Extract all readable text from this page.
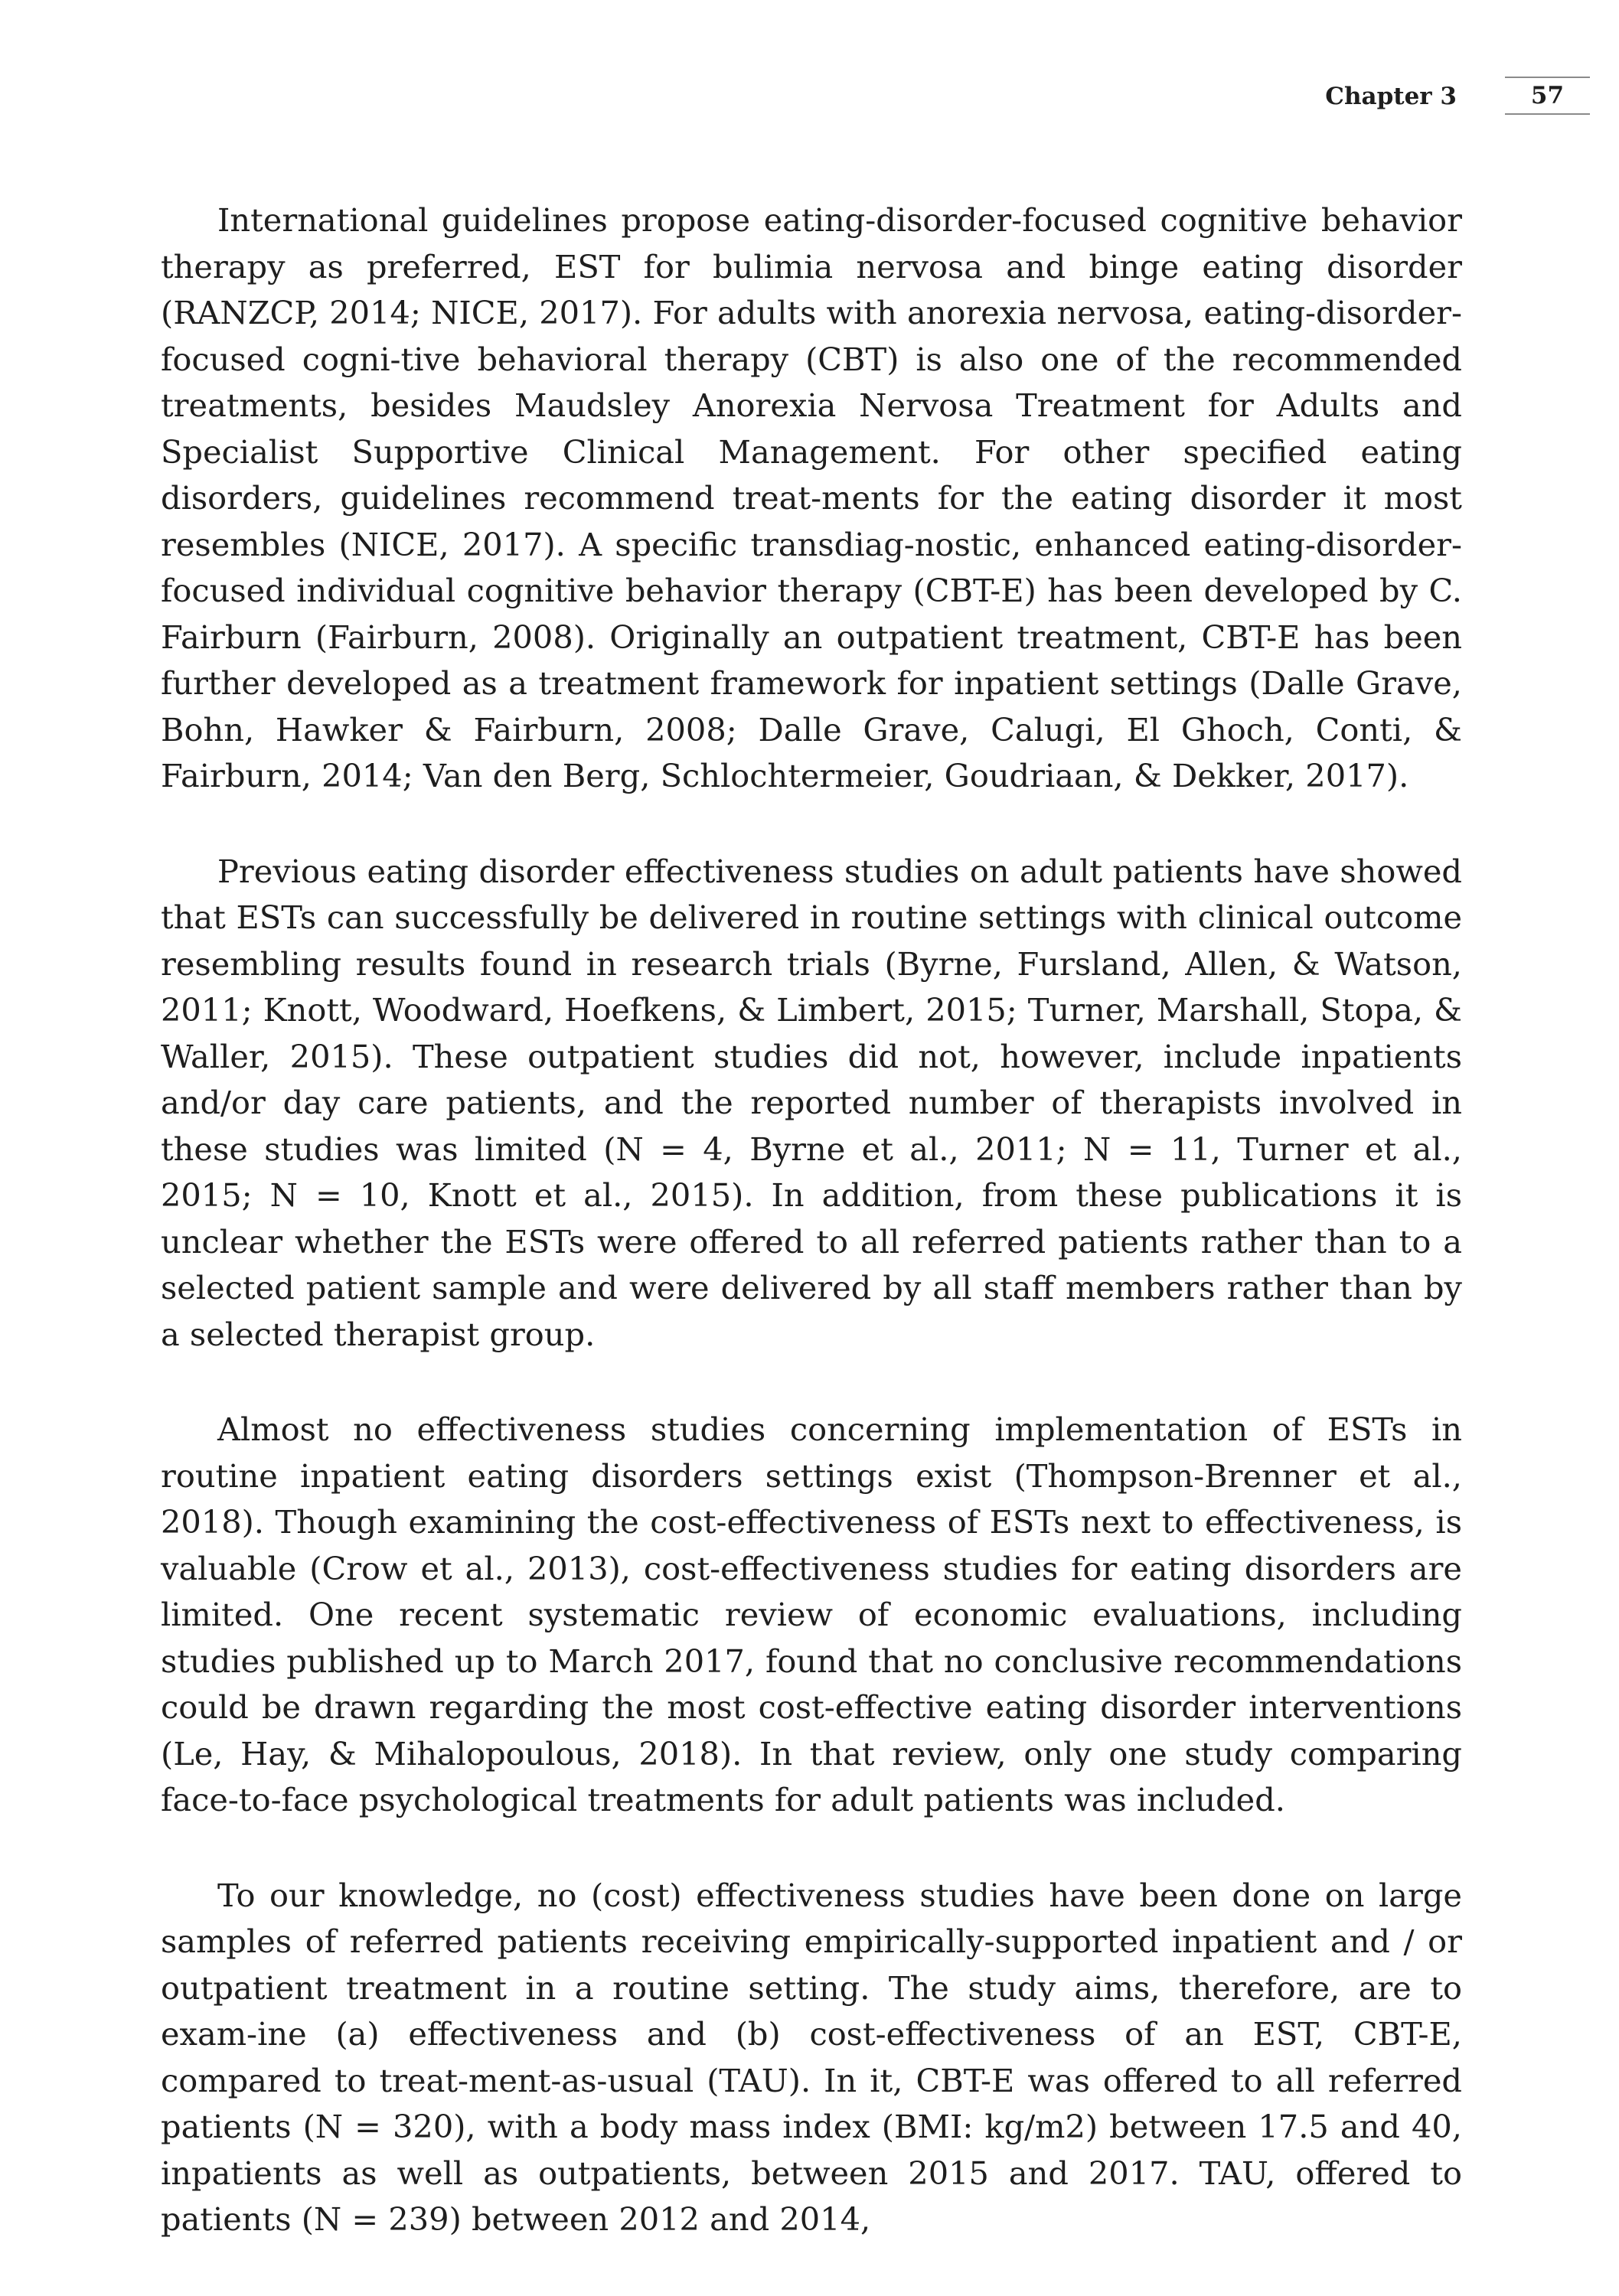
Chapter 3	57

International guidelines propose eating-disorder-focused cognitive behavior therapy as preferred, EST for bulimia nervosa and binge eating disorder (RANZCP, 2014; NICE, 2017). For adults with anorexia nervosa, eating-disorder-focused cogni-tive behavioral therapy (CBT) is also one of the recommended treatments, besides Maudsley Anorexia Nervosa Treatment for Adults and Specialist Supportive Clinical Management. For other specified eating disorders, guidelines recommend treat-ments for the eating disorder it most resembles (NICE, 2017). A specific transdiag-nostic, enhanced eating-disorder-focused individual cognitive behavior therapy (CBT-E) has been developed by C. Fairburn (Fairburn, 2008). Originally an outpatient treatment, CBT-E has been further developed as a treatment framework for inpatient settings (Dalle Grave, Bohn, Hawker & Fairburn, 2008; Dalle Grave, Calugi, El Ghoch, Conti, & Fairburn, 2014; Van den Berg, Schlochtermeier, Goudriaan, & Dekker, 2017).

Previous eating disorder effectiveness studies on adult patients have showed that ESTs can successfully be delivered in routine settings with clinical outcome resembling results found in research trials (Byrne, Fursland, Allen, & Watson, 2011; Knott, Woodward, Hoefkens, & Limbert, 2015; Turner, Marshall, Stopa, & Waller, 2015). These outpatient studies did not, however, include inpatients and/or day care patients, and the reported number of therapists involved in these studies was limited (N = 4, Byrne et al., 2011; N = 11, Turner et al., 2015; N = 10, Knott et al., 2015). In addition, from these publications it is unclear whether the ESTs were offered to all referred patients rather than to a selected patient sample and were delivered by all staff members rather than by a selected therapist group.

Almost no effectiveness studies concerning implementation of ESTs in routine inpatient eating disorders settings exist (Thompson-Brenner et al., 2018). Though examining the cost-effectiveness of ESTs next to effectiveness, is valuable (Crow et al., 2013), cost-effectiveness studies for eating disorders are limited. One recent systematic review of economic evaluations, including studies published up to March 2017, found that no conclusive recommendations could be drawn regarding the most cost-effective eating disorder interventions (Le, Hay, & Mihalopoulous, 2018). In that review, only one study comparing face-to-face psychological treatments for adult patients was included.

To our knowledge, no (cost) effectiveness studies have been done on large samples of referred patients receiving empirically-supported inpatient and / or outpatient treatment in a routine setting. The study aims, therefore, are to exam-ine (a) effectiveness and (b) cost-effectiveness of an EST, CBT-E, compared to treat-ment-as-usual (TAU). In it, CBT-E was offered to all referred patients (N = 320), with a body mass index (BMI: kg/m2) between 17.5 and 40, inpatients as well as outpatients, between 2015 and 2017. TAU, offered to patients (N = 239) between 2012 and 2014,
